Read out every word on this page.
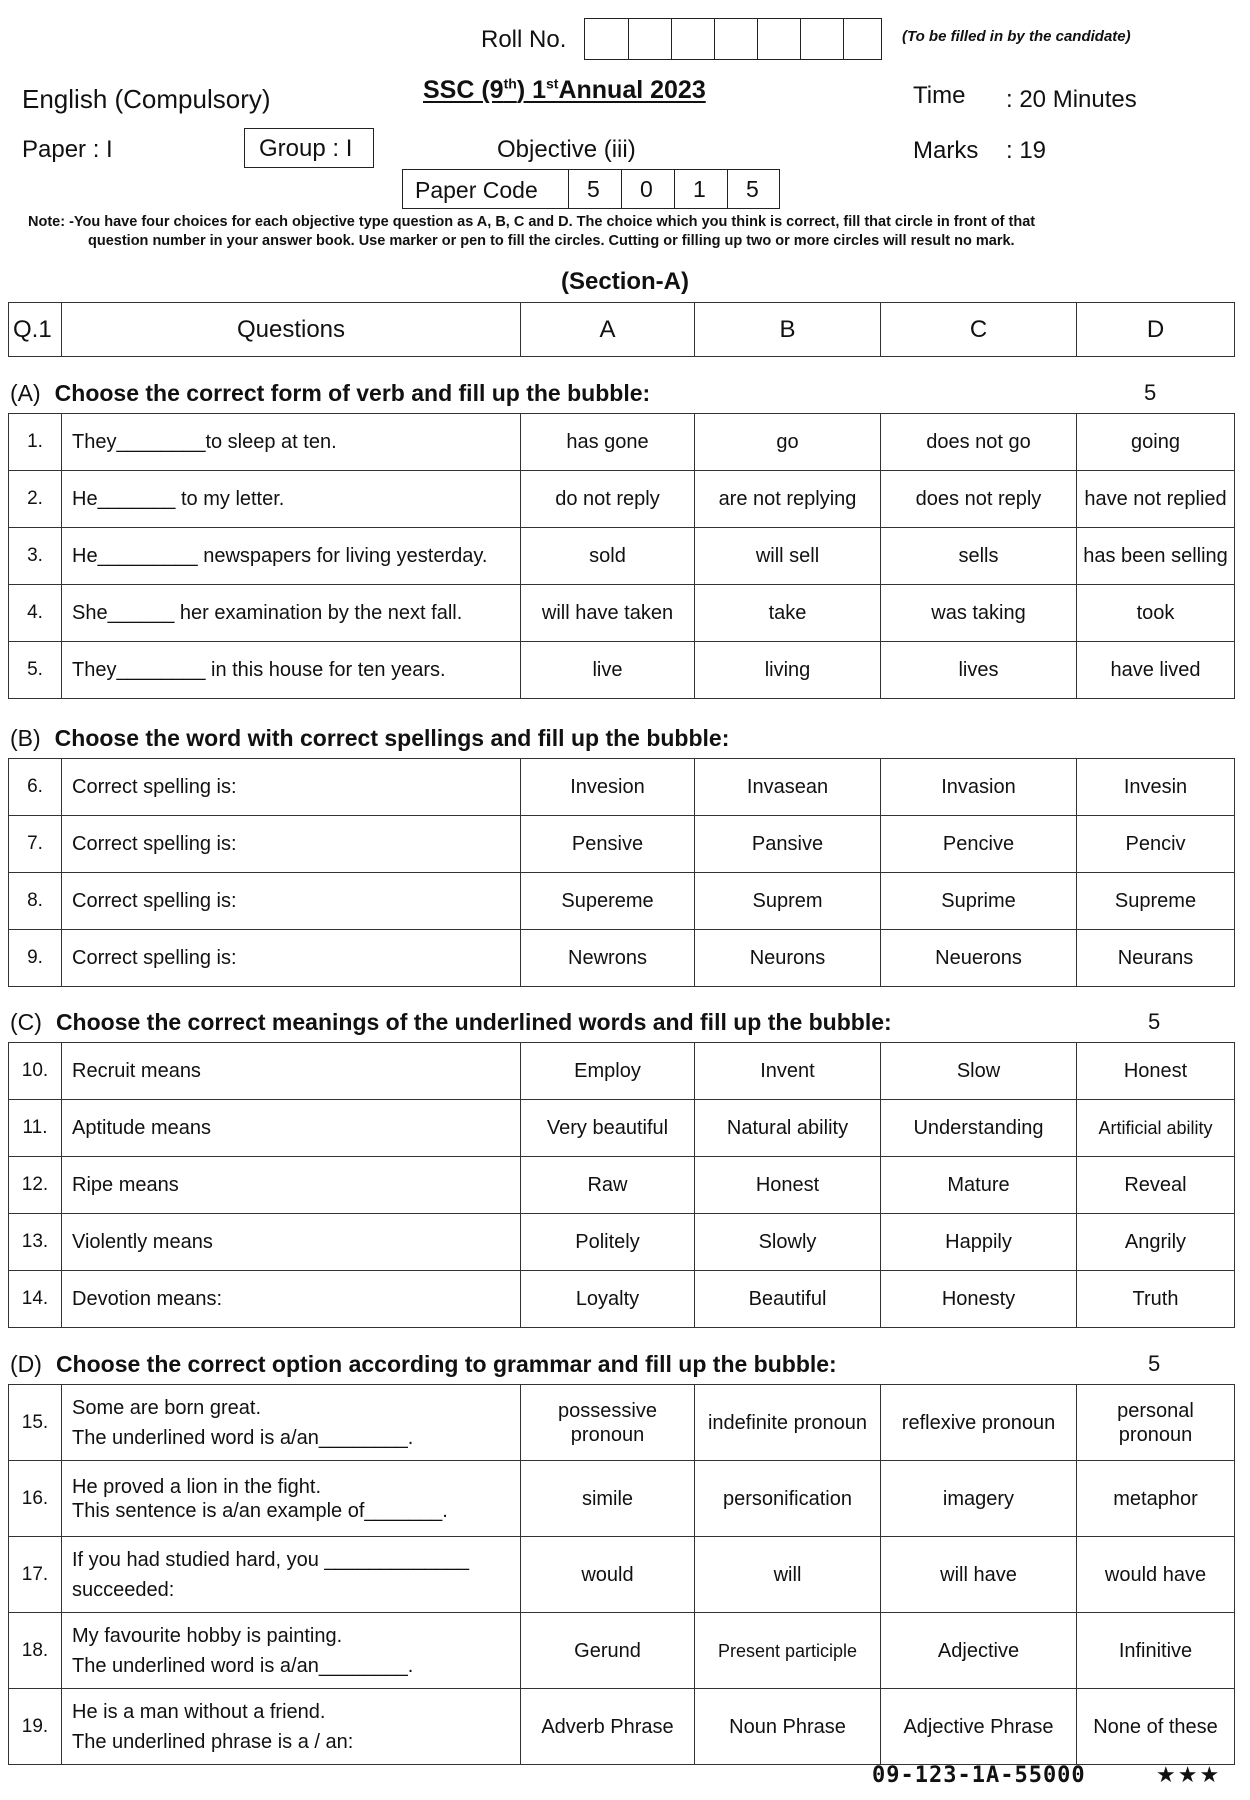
Roll No.	(To be filled in by the candidate)
English (Compulsory)	SSC (9th) 1stAnnual 2023	Time : 20 Minutes
Paper : I	Group : I	Objective (iii)	Marks : 19
Paper Code 5 0 1 5
Note: -You have four choices for each objective type question as A, B, C and D. The choice which you think is correct, fill that circle in front of that
question number in your answer book. Use marker or pen to fill the circles. Cutting or filling up two or more circles will result no mark.
(Section-A)
Q.1	Questions	A	B	C	D
(A) Choose the correct form of verb and fill up the bubble:	5
1.	They________to sleep at ten.	has gone	go	does not go	going
2.	He_______ to my letter.	do not reply	are not replying	does not reply	have not replied
3.	He_________ newspapers for living yesterday.	sold	will sell	sells	has been selling
4.	She______ her examination by the next fall.	will have taken	take	was taking	took
5.	They________ in this house for ten years.	live	living	lives	have lived
(B) Choose the word with correct spellings and fill up the bubble:
6.	Correct spelling is:	Invesion	Invasean	Invasion	Invesin
7.	Correct spelling is:	Pensive	Pansive	Pencive	Penciv
8.	Correct spelling is:	Supereme	Suprem	Suprime	Supreme
9.	Correct spelling is:	Newrons	Neurons	Neuerons	Neurans
(C) Choose the correct meanings of the underlined words and fill up the bubble:	5
10.	Recruit means	Employ	Invent	Slow	Honest
11.	Aptitude means	Very beautiful	Natural ability	Understanding	Artificial ability
12.	Ripe means	Raw	Honest	Mature	Reveal
13.	Violently means	Politely	Slowly	Happily	Angrily
14.	Devotion means:	Loyalty	Beautiful	Honesty	Truth
(D) Choose the correct option according to grammar and fill up the bubble:	5
15.	Some are born great.
The underlined word is a/an________.	possessive pronoun	indefinite pronoun	reflexive pronoun	personal pronoun
16.	He proved a lion in the fight.
This sentence is a/an example of_______.	simile	personification	imagery	metaphor
17.	If you had studied hard, you _____________
succeeded:	would	will	will have	would have
18.	My favourite hobby is painting.
The underlined word is a/an________.	Gerund	Present participle	Adjective	Infinitive
19.	He is a man without a friend.
The underlined phrase is a / an:	Adverb Phrase	Noun Phrase	Adjective Phrase	None of these
09-123-1A-55000	★★★
